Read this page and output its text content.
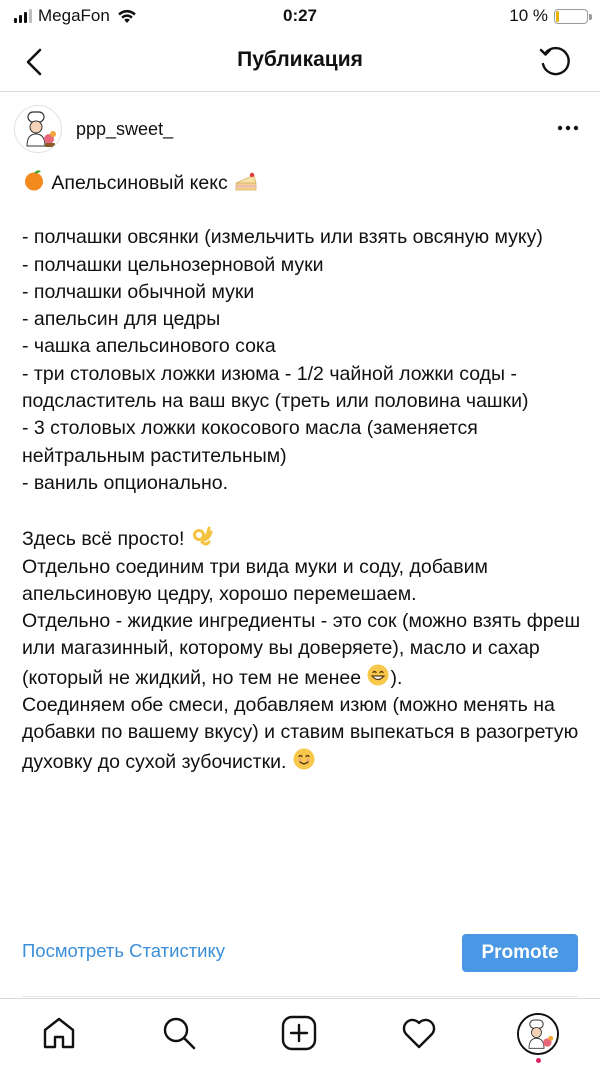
MegaFon	0:27	10 %
Публикация
ppp_sweet_

Апельсиновый кекс

- полчашки овсянки (измельчить или взять овсяную муку)

- полчашки цельнозерновой муки

- полчашки обычной муки

- апельсин для цедры

- чашка апельсинового сока

- три столовых ложки изюма - 1/2 чайной ложки соды - подсластитель на ваш вкус (треть или половина чашки)

- 3 столовых ложки кокосового масла (заменяется нейтральным растительным)

- ваниль опционально.

Здесь всё просто!

Отдельно соединим три вида муки и соду, добавим апельсиновую цедру, хорошо перемешаем.

Отдельно - жидкие ингредиенты - это сок (можно взять фреш или магазинный, которому вы доверяете), масло и сахар (который не жидкий, но тем не менее ).

Соединяем обе смеси, добавляем изюм (можно менять на добавки по вашему вкусу) и ставим выпекаться в разогретую духовку до сухой зубочистки.

Посмотреть Статистику	Promote
